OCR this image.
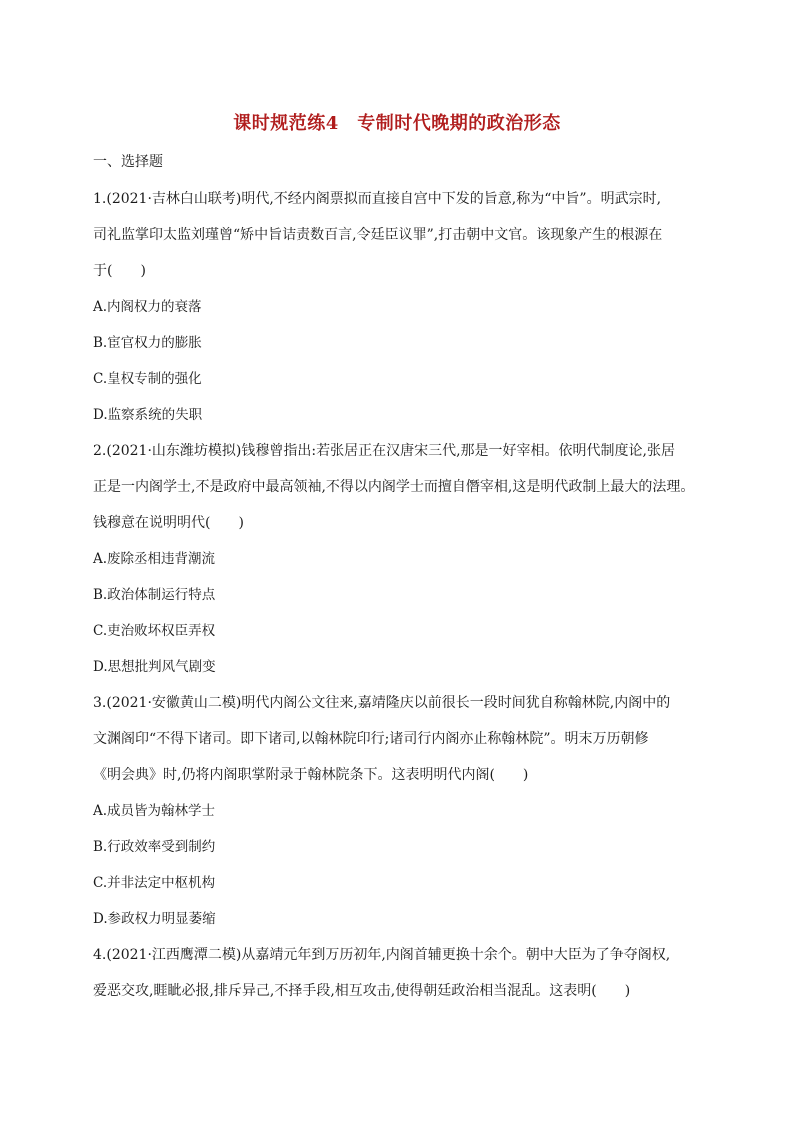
课时规范练4　专制时代晚期的政治形态
一、选择题
1.(2021·吉林白山联考)明代,不经内阁票拟而直接自宫中下发的旨意,称为“中旨”。明武宗时,
司礼监掌印太监刘瑾曾“矫中旨诘责数百言,令廷臣议罪”,打击朝中文官。该现象产生的根源在
于(　　)
A.内阁权力的衰落
B.宦官权力的膨胀
C.皇权专制的强化
D.监察系统的失职
2.(2021·山东潍坊模拟)钱穆曾指出:若张居正在汉唐宋三代,那是一好宰相。依明代制度论,张居
正是一内阁学士,不是政府中最高领袖,不得以内阁学士而擅自僭宰相,这是明代政制上最大的法理。
钱穆意在说明明代(　　)
A.废除丞相违背潮流
B.政治体制运行特点
C.吏治败坏权臣弄权
D.思想批判风气剧变
3.(2021·安徽黄山二模)明代内阁公文往来,嘉靖隆庆以前很长一段时间犹自称翰林院,内阁中的
文渊阁印“不得下诸司。即下诸司,以翰林院印行;诸司行内阁亦止称翰林院”。明末万历朝修
《明会典》时,仍将内阁职掌附录于翰林院条下。这表明明代内阁(　　)
A.成员皆为翰林学士
B.行政效率受到制约
C.并非法定中枢机构
D.参政权力明显萎缩
4.(2021·江西鹰潭二模)从嘉靖元年到万历初年,内阁首辅更换十余个。朝中大臣为了争夺阁权,
爱恶交攻,睚眦必报,排斥异己,不择手段,相互攻击,使得朝廷政治相当混乱。这表明(　　)
